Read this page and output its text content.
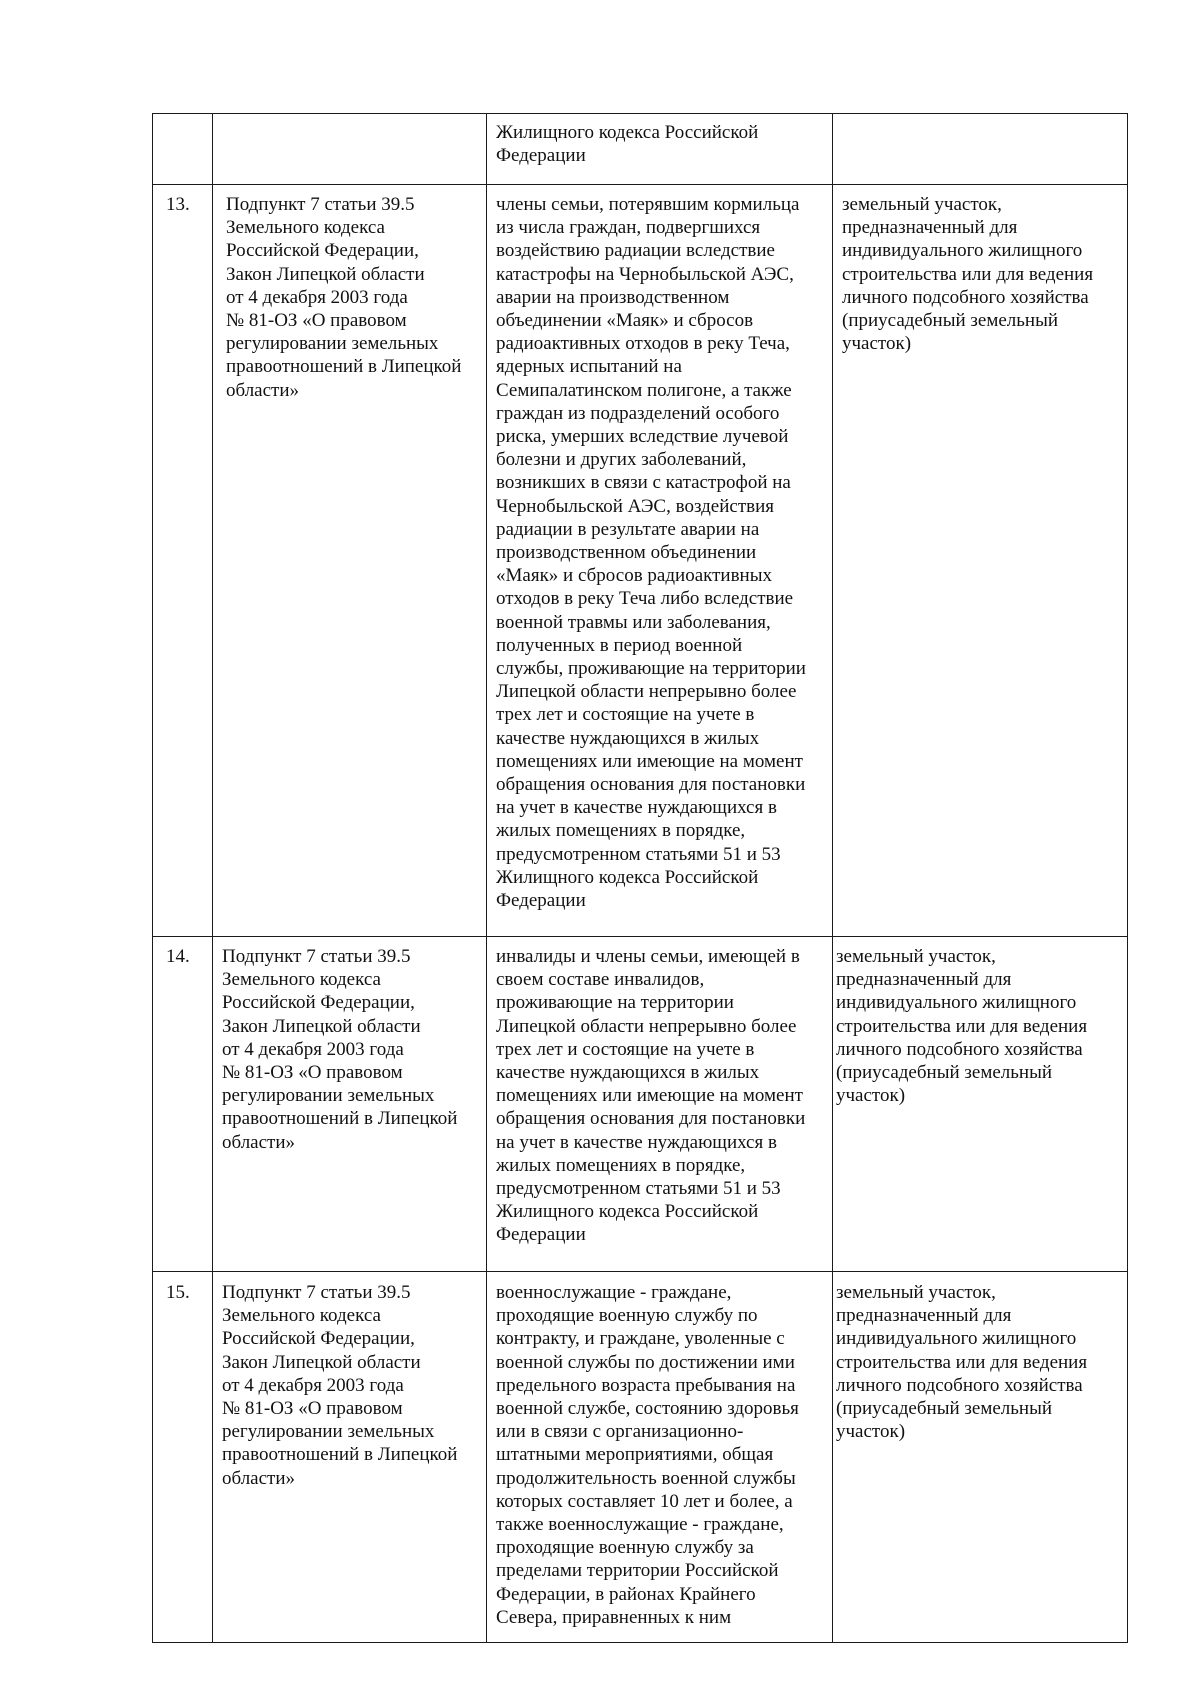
Жилищного кодекса Российской
Федерации
13. Подпункт 7 статьи 39.5
Земельного кодекса
Российской Федерации,
Закон Липецкой области
от 4 декабря 2003 года
№ 81-ОЗ «О правовом
регулировании земельных
правоотношений в Липецкой
области»
члены семьи, потерявшим кормильца
из числа граждан, подвергшихся
воздействию радиации вследствие
катастрофы на Чернобыльской АЭС,
аварии на производственном
объединении «Маяк» и сбросов
радиоактивных отходов в реку Теча,
ядерных испытаний на
Семипалатинском полигоне, а также
граждан из подразделений особого
риска, умерших вследствие лучевой
болезни и других заболеваний,
возникших в связи с катастрофой на
Чернобыльской АЭС, воздействия
радиации в результате аварии на
производственном объединении
«Маяк» и сбросов радиоактивных
отходов в реку Теча либо вследствие
военной травмы или заболевания,
полученных в период военной
службы, проживающие на территории
Липецкой области непрерывно более
трех лет и состоящие на учете в
качестве нуждающихся в жилых
помещениях или имеющие на момент
обращения основания для постановки
на учет в качестве нуждающихся в
жилых помещениях в порядке,
предусмотренном статьями 51 и 53
Жилищного кодекса Российской
Федерации
земельный участок,
предназначенный для
индивидуального жилищного
строительства или для ведения
личного подсобного хозяйства
(приусадебный земельный
участок)
14. Подпункт 7 статьи 39.5
Земельного кодекса
Российской Федерации,
Закон Липецкой области
от 4 декабря 2003 года
№ 81-ОЗ «О правовом
регулировании земельных
правоотношений в Липецкой
области»
инвалиды и члены семьи, имеющей в
своем составе инвалидов,
проживающие на территории
Липецкой области непрерывно более
трех лет и состоящие на учете в
качестве нуждающихся в жилых
помещениях или имеющие на момент
обращения основания для постановки
на учет в качестве нуждающихся в
жилых помещениях в порядке,
предусмотренном статьями 51 и 53
Жилищного кодекса Российской
Федерации
земельный участок,
предназначенный для
индивидуального жилищного
строительства или для ведения
личного подсобного хозяйства
(приусадебный земельный
участок)
15. Подпункт 7 статьи 39.5
Земельного кодекса
Российской Федерации,
Закон Липецкой области
от 4 декабря 2003 года
№ 81-ОЗ «О правовом
регулировании земельных
правоотношений в Липецкой
области»
военнослужащие - граждане,
проходящие военную службу по
контракту, и граждане, уволенные с
военной службы по достижении ими
предельного возраста пребывания на
военной службе, состоянию здоровья
или в связи с организационно-
штатными мероприятиями, общая
продолжительность военной службы
которых составляет 10 лет и более, а
также военнослужащие - граждане,
проходящие военную службу за
пределами территории Российской
Федерации, в районах Крайнего
Севера, приравненных к ним
земельный участок,
предназначенный для
индивидуального жилищного
строительства или для ведения
личного подсобного хозяйства
(приусадебный земельный
участок)
